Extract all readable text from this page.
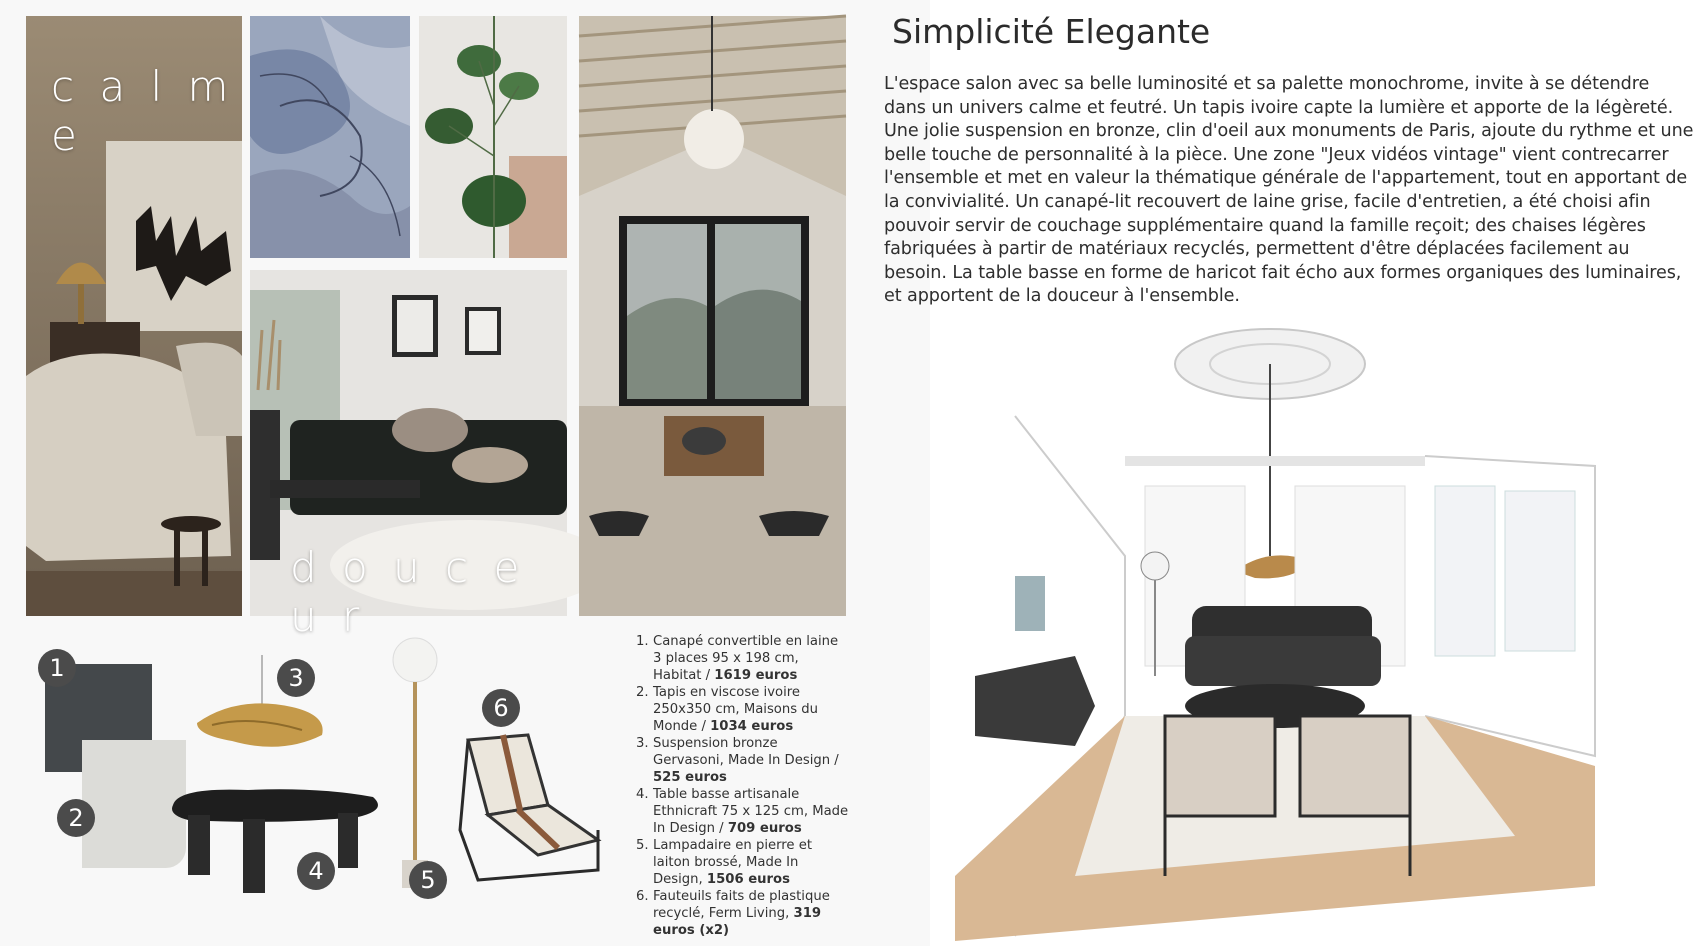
c a l m e
d o u c e u r
1
2
3
4	5
6
1. Canapé convertible en laine 3 places 95 x 198 cm, Habitat / 1619 euros
2. Tapis en viscose ivoire 250x350 cm, Maisons du Monde / 1034 euros
3. Suspension bronze Gervasoni, Made In Design / 525 euros
4. Table basse artisanale Ethnicraft 75 x 125 cm, Made In Design / 709 euros
5. Lampadaire en pierre et laiton brossé, Made In Design, 1506 euros
6. Fauteuils faits de plastique recyclé, Ferm Living, 319 euros (x2)
Simplicité Elegante
L'espace salon avec sa belle luminosité et sa palette monochrome, invite à se détendre dans un univers calme et feutré. Un tapis ivoire capte la lumière et apporte de la légèreté. Une jolie suspension en bronze, clin d'oeil aux monuments de Paris, ajoute du rythme et une belle touche de personnalité à la pièce. Une zone "Jeux vidéos vintage" vient contrecarrer l'ensemble et met en valeur la thématique générale de l'appartement, tout en apportant de la convivialité. Un canapé-lit recouvert de laine grise, facile d'entretien, a été choisi afin pouvoir servir de couchage supplémentaire quand la famille reçoit; des chaises légères fabriquées à partir de matériaux recyclés, permettent d'être déplacées facilement au besoin. La table basse en forme de haricot fait écho aux formes organiques des luminaires, et apportent de la douceur à l'ensemble.
